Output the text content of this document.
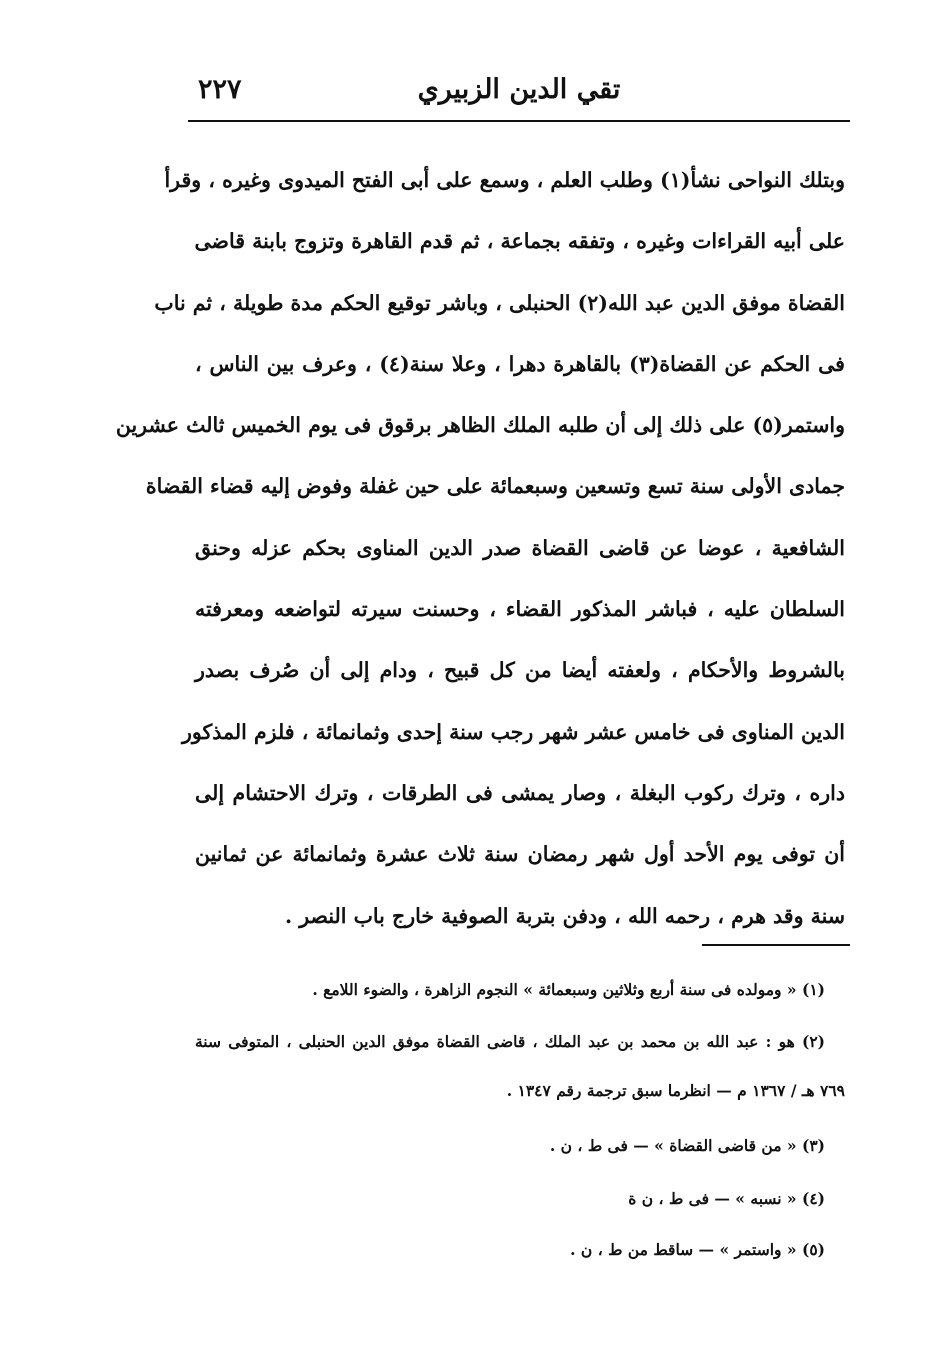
٢٢٧	تقي الدين الزبيري
وبتلك النواحى نشأ(١) وطلب العلم ، وسمع على أبى الفتح الميدوى وغيره ، وقرأ
على أبيه القراءات وغيره ، وتفقه بجماعة ، ثم قدم القاهرة وتزوج بابنة قاضى
القضاة موفق الدين عبد الله(٢) الحنبلى ، وباشر توقيع الحكم مدة طويلة ، ثم ناب
فى الحكم عن القضاة(٣) بالقاهرة دهرا ، وعلا سنة(٤) ، وعرف بين الناس ،
واستمر(٥) على ذلك إلى أن طلبه الملك الظاهر برقوق فى يوم الخميس ثالث عشرين
جمادى الأولى سنة تسع وتسعين وسبعمائة على حين غفلة وفوض إليه قضاء القضاة
الشافعية ، عوضا عن قاضى القضاة صدر الدين المناوى بحكم عزله وحنق
السلطان عليه ، فباشر المذكور القضاء ، وحسنت سيرته لتواضعه ومعرفته
بالشروط والأحكام ، ولعفته أيضا من كل قبيح ، ودام إلى أن صُرف بصدر
الدين المناوى فى خامس عشر شهر رجب سنة إحدى وثمانمائة ، فلزم المذكور
داره ، وترك ركوب البغلة ، وصار يمشى فى الطرقات ، وترك الاحتشام إلى
أن توفى يوم الأحد أول شهر رمضان سنة ثلاث عشرة وثمانمائة عن ثمانين
سنة وقد هرم ، رحمه الله ، ودفن بتربة الصوفية خارج باب النصر .
(١) « ومولده فى سنة أربع وثلاثين وسبعمائة » النجوم الزاهرة ، والضوء اللامع .
(٢) هو : عبد الله بن محمد بن عبد الملك ، قاضى القضاة موفق الدين الحنبلى ، المتوفى سنة
٧٦٩ هـ / ١٣٦٧ م — انظرما سبق ترجمة رقم ١٣٤٧ .
(٣) « من قاضى القضاة » — فى ط ، ن .
(٤) « نسبه » — فى ط ، ن ة
(٥) « واستمر » — ساقط من ط ، ن .
